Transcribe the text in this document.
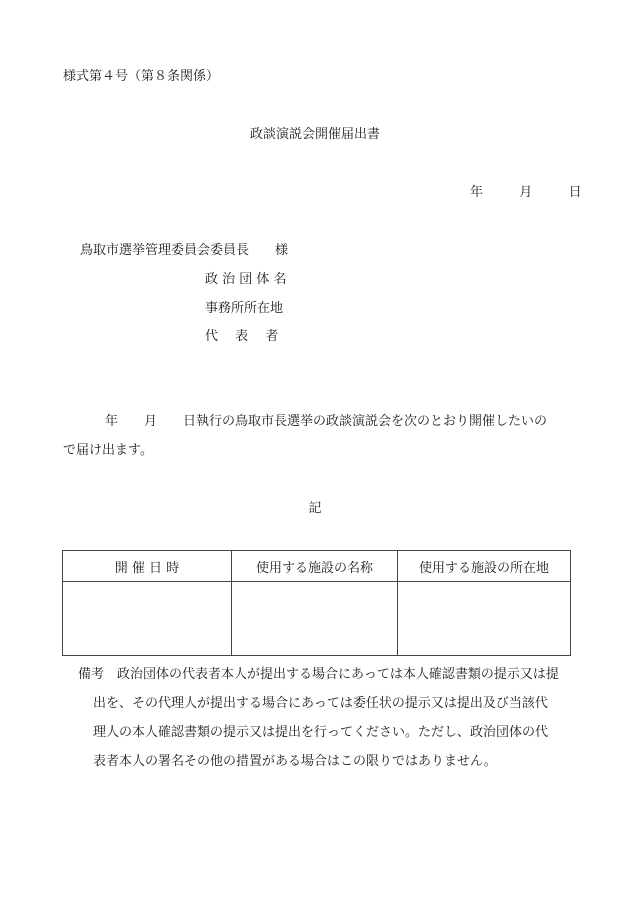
様式第４号（第８条関係）
政談演説会開催届出書
年	月	日
鳥取市選挙管理委員会委員長　　様
政 治 団 体 名
事務所所在地
代　 表　 者
年　　月　　日執行の鳥取市長選挙の政談演説会を次のとおり開催したいの
で届け出ます。
記
開 催 日 時	使用する施設の名称	使用する施設の所在地

備考　政治団体の代表者本人が提出する場合にあっては本人確認書類の提示又は提
出を、その代理人が提出する場合にあっては委任状の提示又は提出及び当該代
理人の本人確認書類の提示又は提出を行ってください。ただし、政治団体の代
表者本人の署名その他の措置がある場合はこの限りではありません。
